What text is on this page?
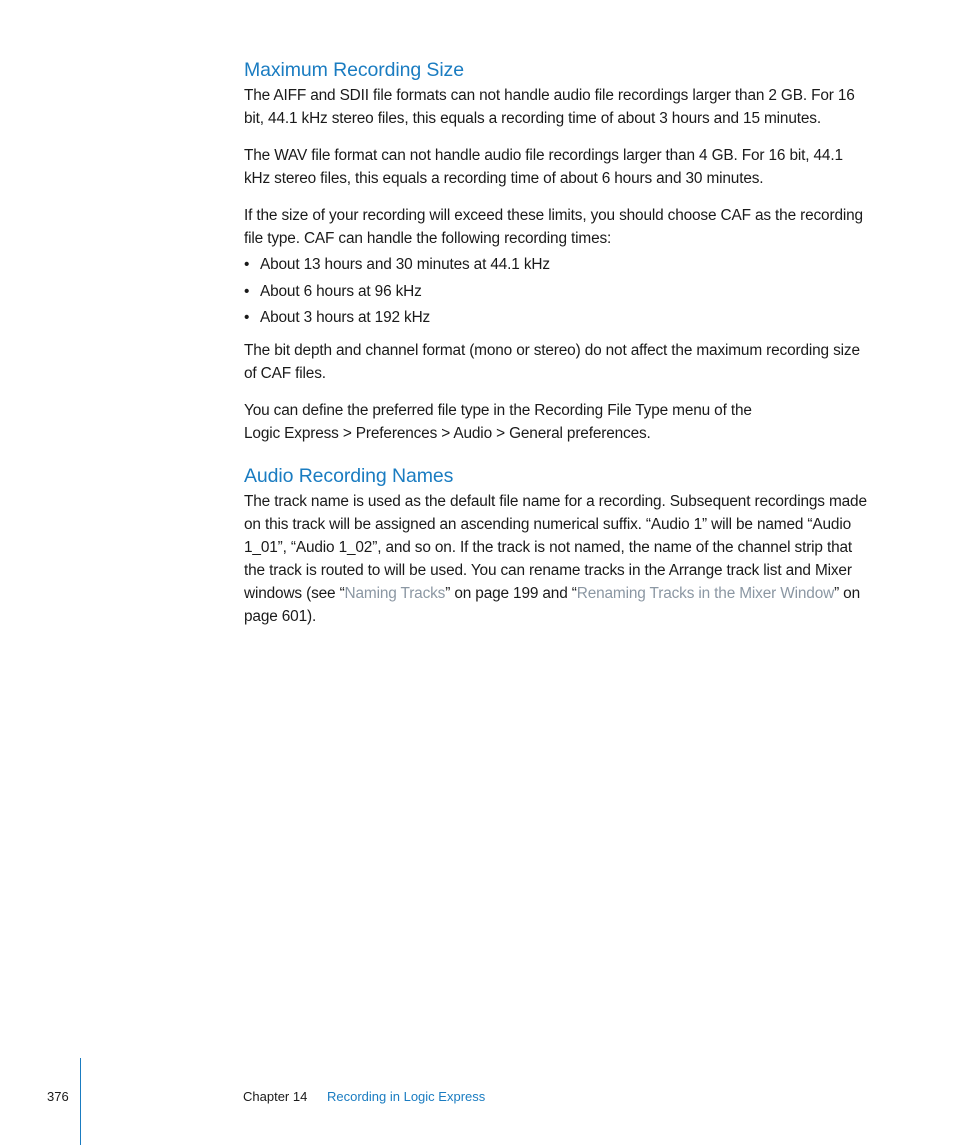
Maximum Recording Size

The AIFF and SDII file formats can not handle audio file recordings larger than 2 GB. For 16 bit, 44.1 kHz stereo files, this equals a recording time of about 3 hours and 15 minutes.

The WAV file format can not handle audio file recordings larger than 4 GB. For 16 bit, 44.1 kHz stereo files, this equals a recording time of about 6 hours and 30 minutes.

If the size of your recording will exceed these limits, you should choose CAF as the recording file type. CAF can handle the following recording times:

• About 13 hours and 30 minutes at 44.1 kHz
• About 6 hours at 96 kHz
• About 3 hours at 192 kHz

The bit depth and channel format (mono or stereo) do not affect the maximum recording size of CAF files.

You can define the preferred file type in the Recording File Type menu of the
Logic Express > Preferences > Audio > General preferences.

Audio Recording Names

The track name is used as the default file name for a recording. Subsequent recordings made on this track will be assigned an ascending numerical suffix. “Audio 1” will be named “Audio 1_01”, “Audio 1_02”, and so on. If the track is not named, the name of the channel strip that the track is routed to will be used. You can rename tracks in the Arrange track list and Mixer windows (see “Naming Tracks” on page 199 and “Renaming Tracks in the Mixer Window” on page 601).

376	Chapter 14 Recording in Logic Express
